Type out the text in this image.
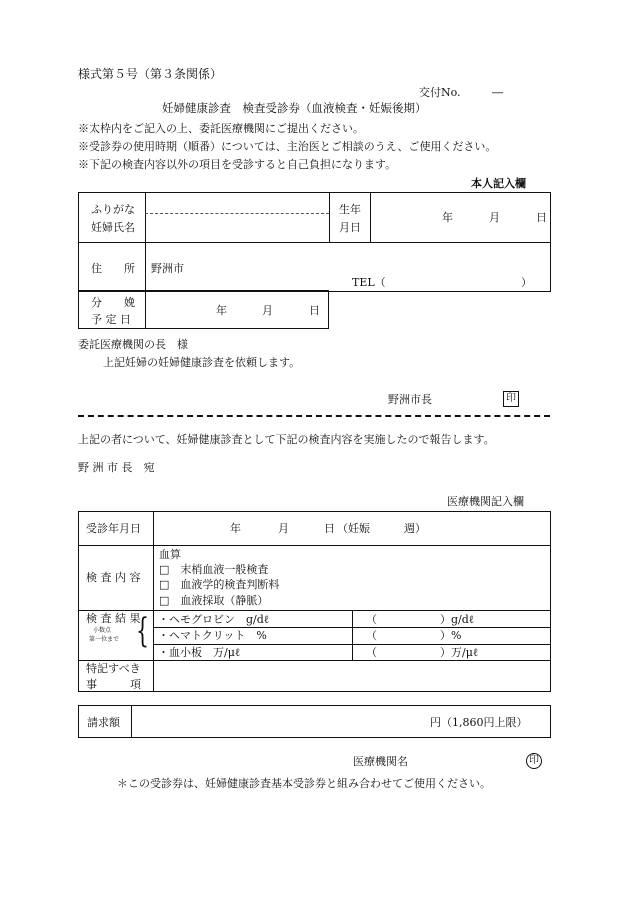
様式第５号（第３条関係）
交付No.	―
妊婦健康診査　検査受診券（血液検査・妊娠後期）
※太枠内をご記入の上、委託医療機関にご提出ください。
※受診券の使用時期（順番）については、主治医とご相談のうえ、ご使用ください。
※下記の検査内容以外の項目を受診すると自己負担になります。
本人記入欄
ふりがな
妊婦氏名
生年
月日
年	月	日
住　　所 野洲市
TEL（	）
分　　娩
予 定 日
年	月	日
委託医療機関の長　様
上記妊婦の妊婦健康診査を依頼します。
野洲市長	印
上記の者について、妊婦健康診査として下記の検査内容を実施したので報告します。
野 洲 市 長　宛
医療機関記入欄
受診年月日	年	月	日 （妊娠	週）
検 査 内 容
血算
□　末梢血液一般検査
□　血液学的検査判断料
□　血液採取（静脈）
検 査 結 果
小数点
第一位まで { ・ヘモグロビン　g/dℓ	（	）g/dℓ
・ヘマトクリット　%	（	）%
・血小板　万/μℓ	（	）万/μℓ
特記すべき
事　　　項
請求額	円（1,860円上限）
医療機関名	印
＊この受診券は、妊婦健康診査基本受診券と組み合わせてご使用ください。
